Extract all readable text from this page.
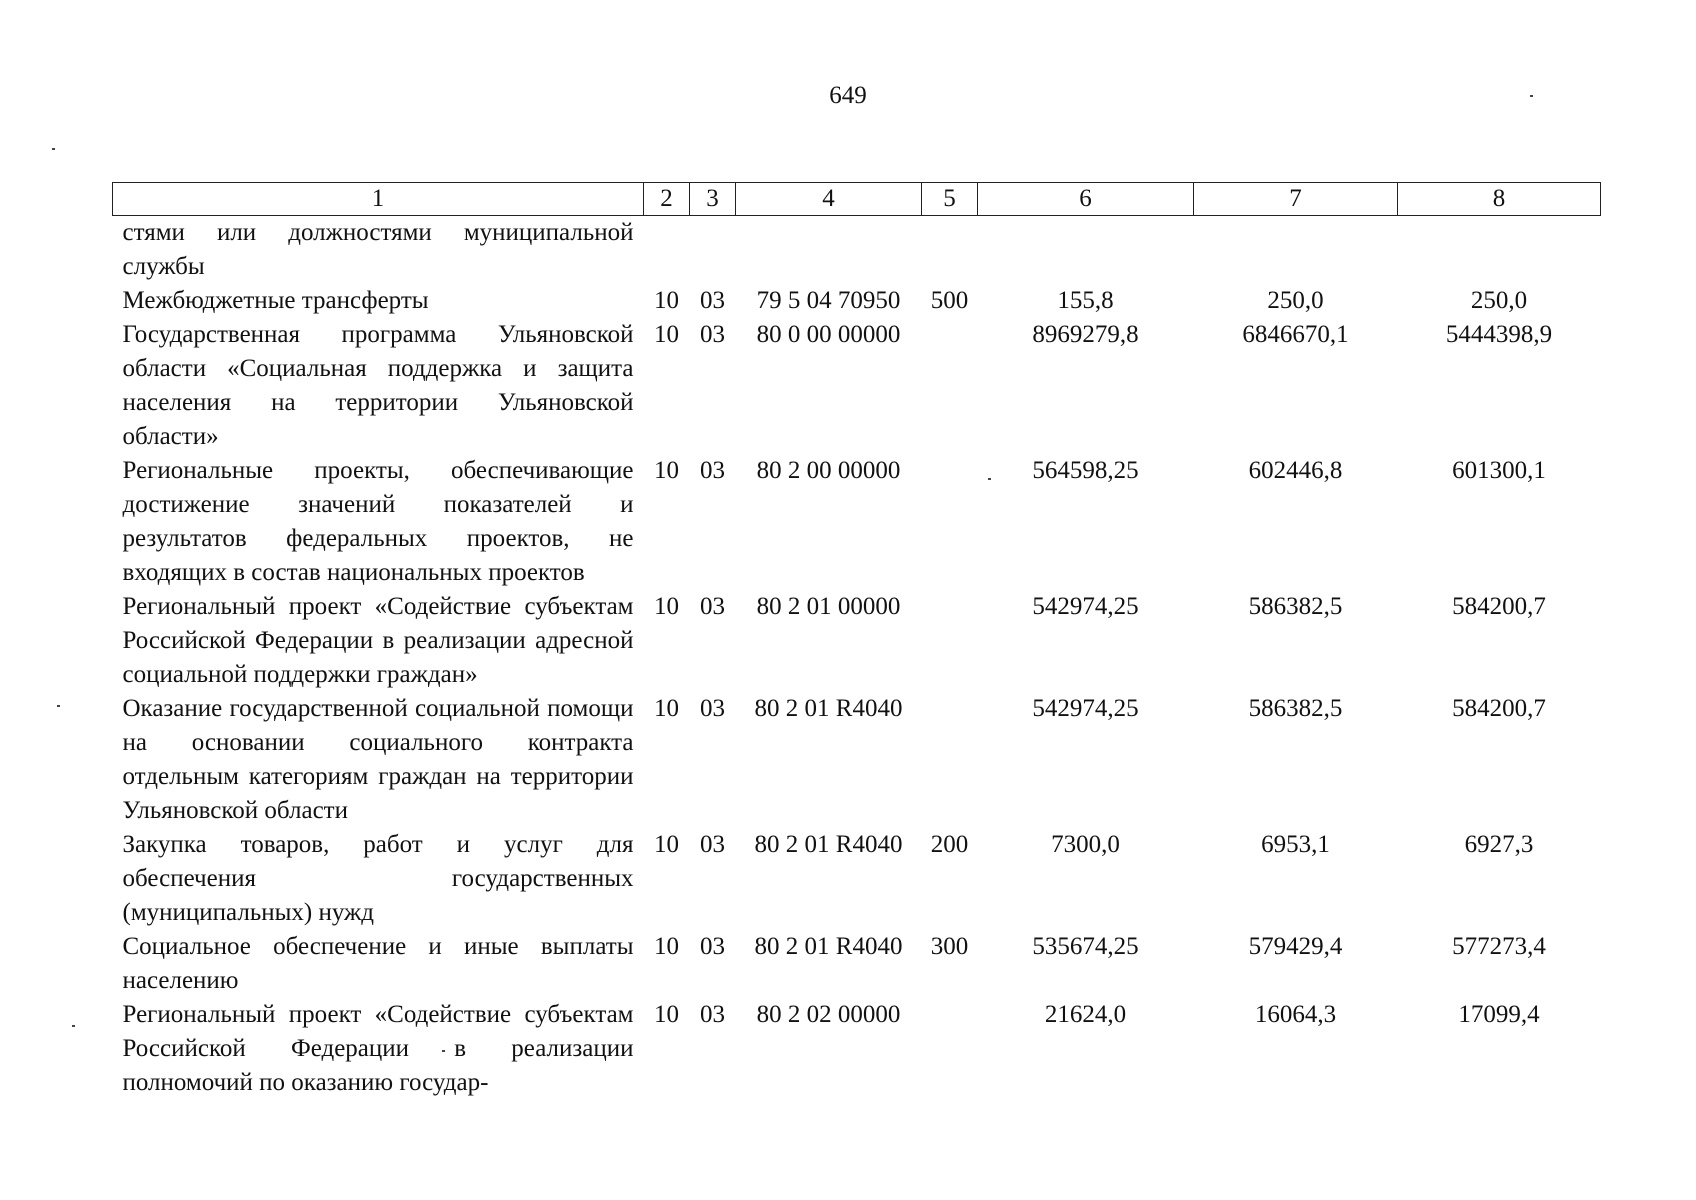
649
1	2	3	4	5	6	7	8
стями или должностями муниципальной службы							
Межбюджетные трансферты	10	03	79 5 04 70950	500	155,8	250,0	250,0
Государственная программа Ульяновской области «Социальная поддержка и защита населения на территории Ульяновской области»	10	03	80 0 00 00000		8969279,8	6846670,1	5444398,9
Региональные проекты, обеспечивающие достижение значений показателей и результатов федеральных проектов, не входящих в состав национальных проектов	10	03	80 2 00 00000		564598,25	602446,8	601300,1
Региональный проект «Содействие субъектам Российской Федерации в реализации адресной социальной поддержки граждан»	10	03	80 2 01 00000		542974,25	586382,5	584200,7
Оказание государственной социальной помощи на основании социального контракта отдельным категориям граждан на территории Ульяновской области	10	03	80 2 01 R4040		542974,25	586382,5	584200,7
Закупка товаров, работ и услуг для обеспечения государственных (муниципальных) нужд	10	03	80 2 01 R4040	200	7300,0	6953,1	6927,3
Социальное обеспечение и иные выплаты населению	10	03	80 2 01 R4040	300	535674,25	579429,4	577273,4
Региональный проект «Содействие субъектам Российской Федерации в реализации полномочий по оказанию государ-	10	03	80 2 02 00000		21624,0	16064,3	17099,4
